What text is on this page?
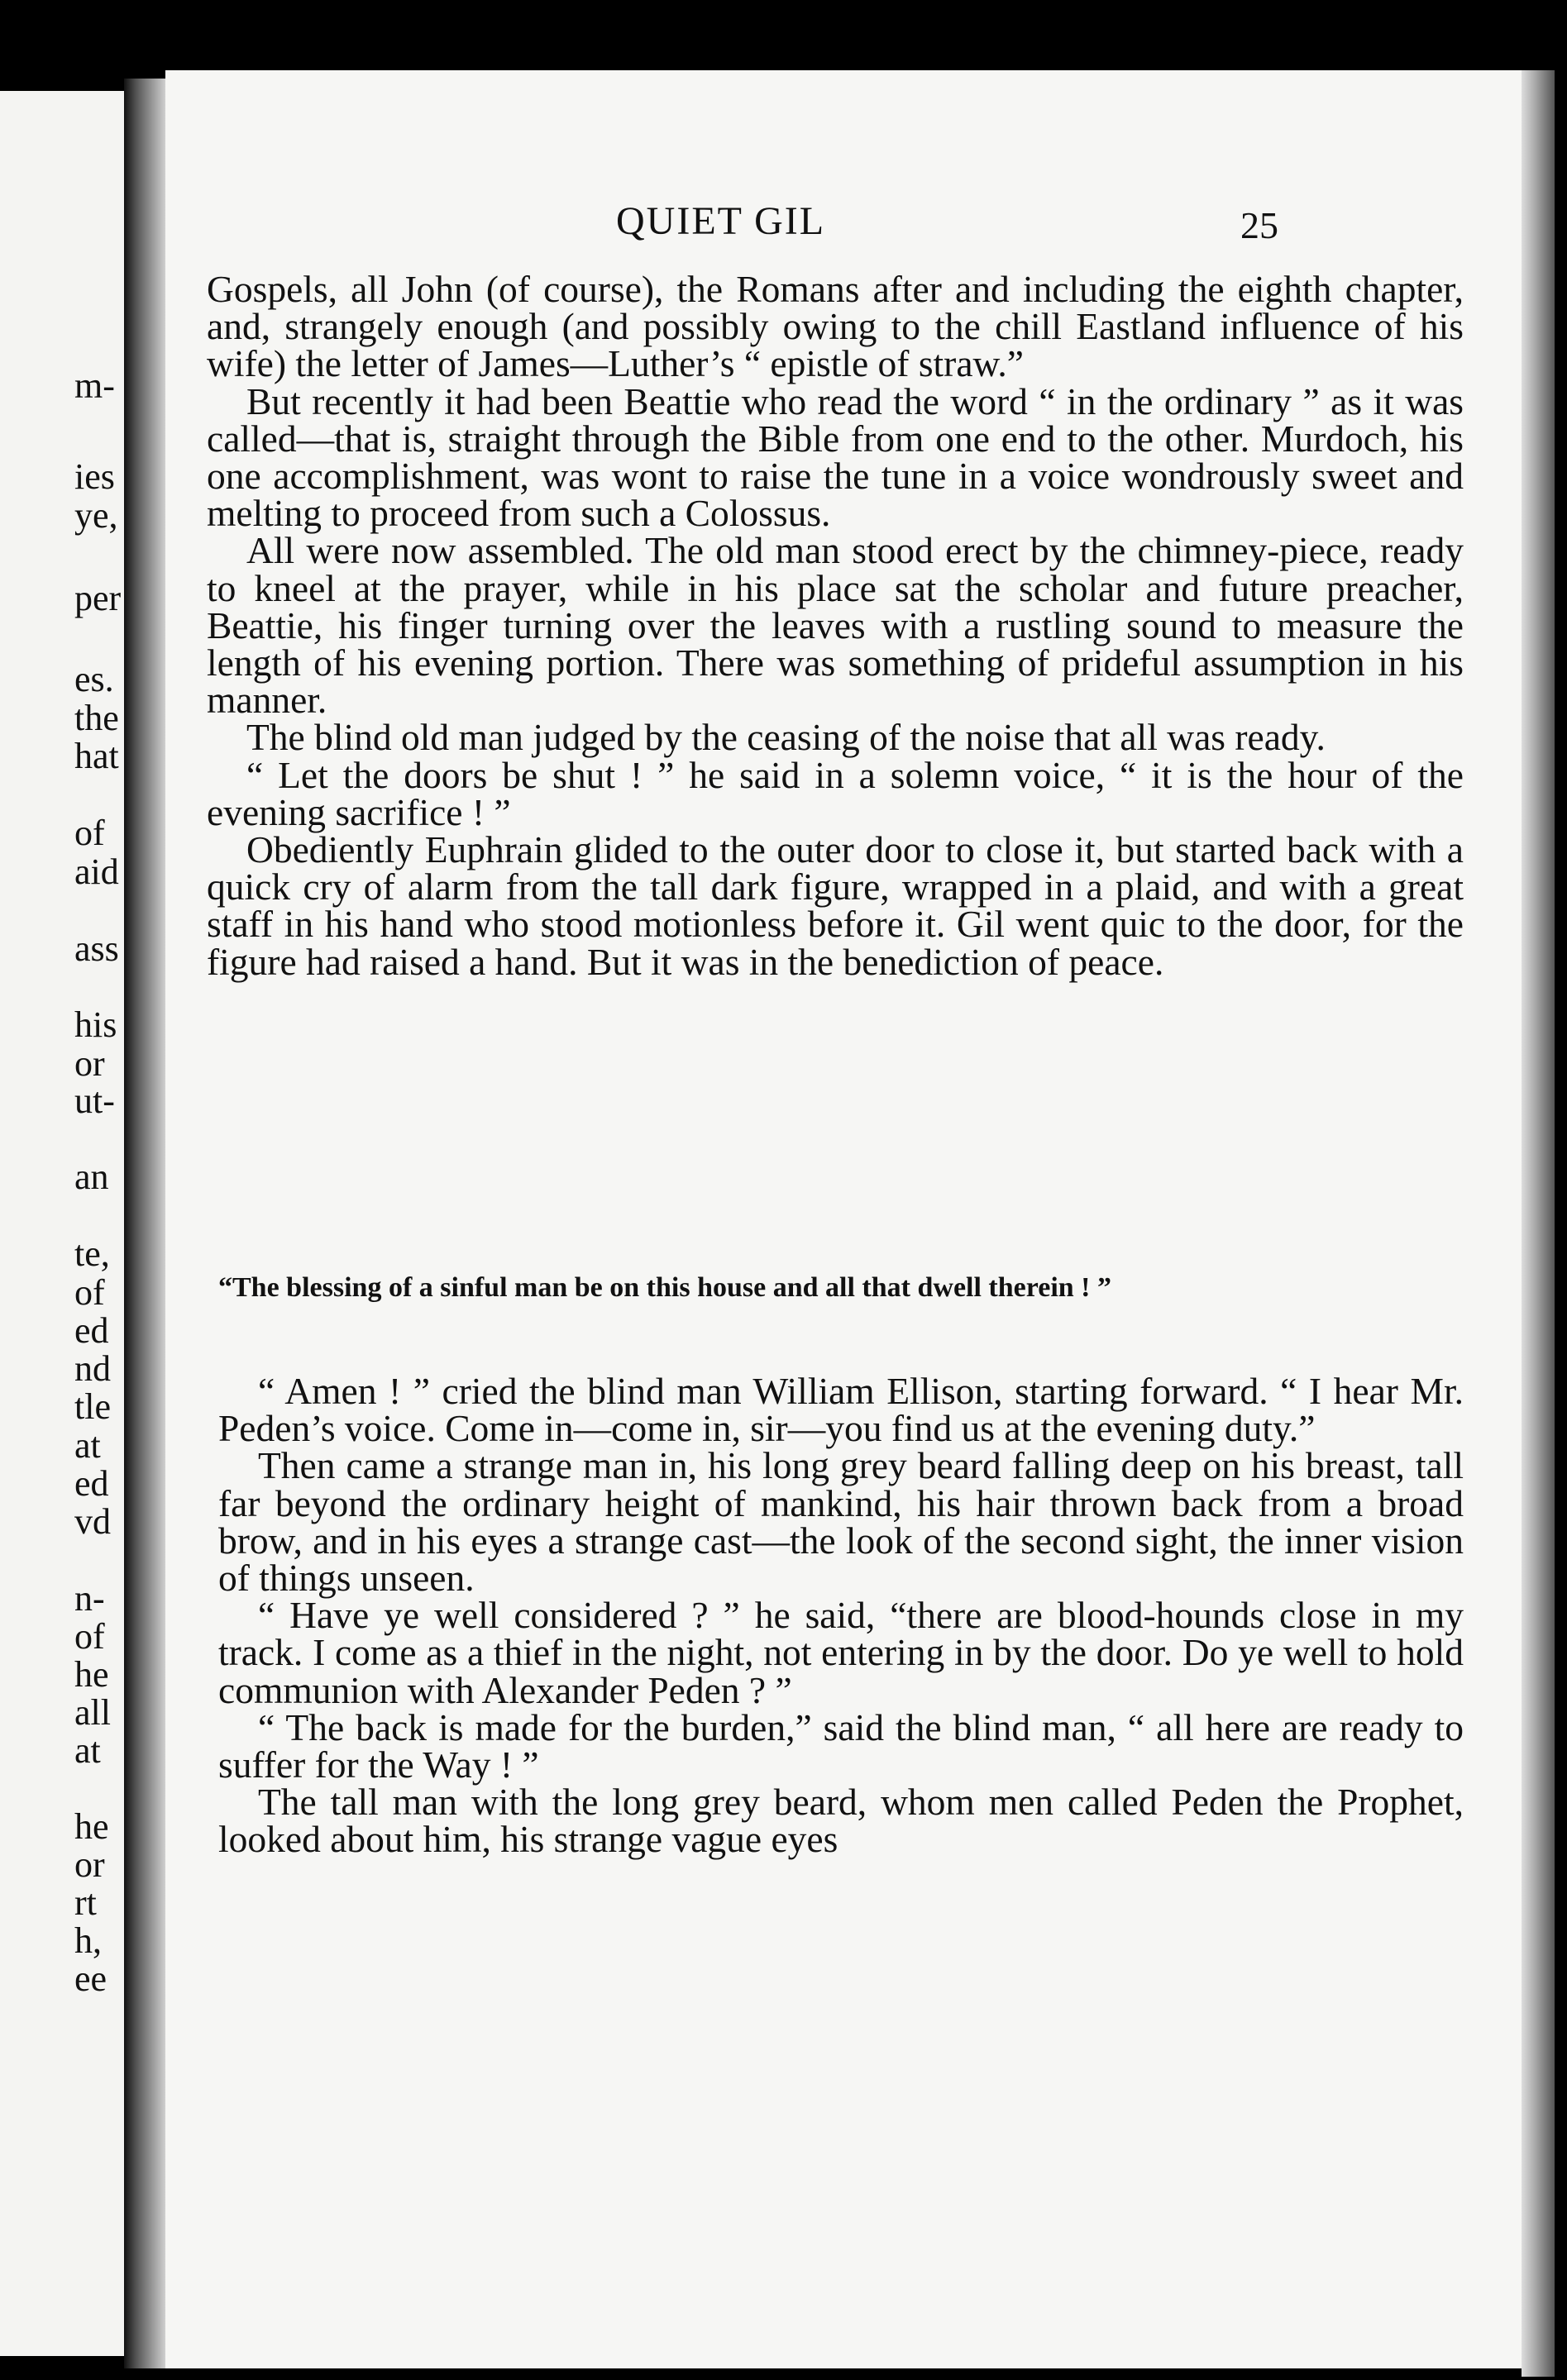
m-
ies
ye,
per
es.
the
hat
of
aid
ass
his
or
ut-
an
te,
of
ed
nd
tle
at
ed
vd
n-
of
he
all
at
he
or
rt
h,
ee
QUIET GIL	25

Gospels, all John (of course), the Romans after and including the eighth chapter, and, strangely enough (and possibly owing to the chill Eastland influence of his wife) the letter of James—Luther’s “ epistle of straw.”

But recently it had been Beattie who read the word “ in the ordinary ” as it was called—that is, straight through the Bible from one end to the other. Murdoch, his one accomplishment, was wont to raise the tune in a voice wondrously sweet and melting to proceed from such a Colossus.

All were now assembled. The old man stood erect by the chimney-piece, ready to kneel at the prayer, while in his place sat the scholar and future preacher, Beattie, his finger turning over the leaves with a rustling sound to measure the length of his evening portion. There was something of prideful assumption in his manner.

The blind old man judged by the ceasing of the noise that all was ready.

“ Let the doors be shut ! ” he said in a solemn voice, “ it is the hour of the evening sacrifice ! ”

Obediently Euphrain glided to the outer door to close it, but started back with a quick cry of alarm from the tall dark figure, wrapped in a plaid, and with a great staff in his hand who stood motionless before it. Gil went quic to the door, for the figure had raised a hand. But it was in the benediction of peace.

“The blessing of a sinful man be on this house and all that dwell therein ! ”

“ Amen ! ” cried the blind man William Ellison, starting forward. “ I hear Mr. Peden’s voice. Come in—come in, sir—you find us at the evening duty.”

Then came a strange man in, his long grey beard falling deep on his breast, tall far beyond the ordinary height of mankind, his hair thrown back from a broad brow, and in his eyes a strange cast—the look of the second sight, the inner vision of things unseen.

“ Have ye well considered ? ” he said, “there are blood-hounds close in my track. I come as a thief in the night, not entering in by the door. Do ye well to hold communion with Alexander Peden ? ”

“ The back is made for the burden,” said the blind man, “ all here are ready to suffer for the Way ! ”

The tall man with the long grey beard, whom men called Peden the Prophet, looked about him, his strange vague eyes
